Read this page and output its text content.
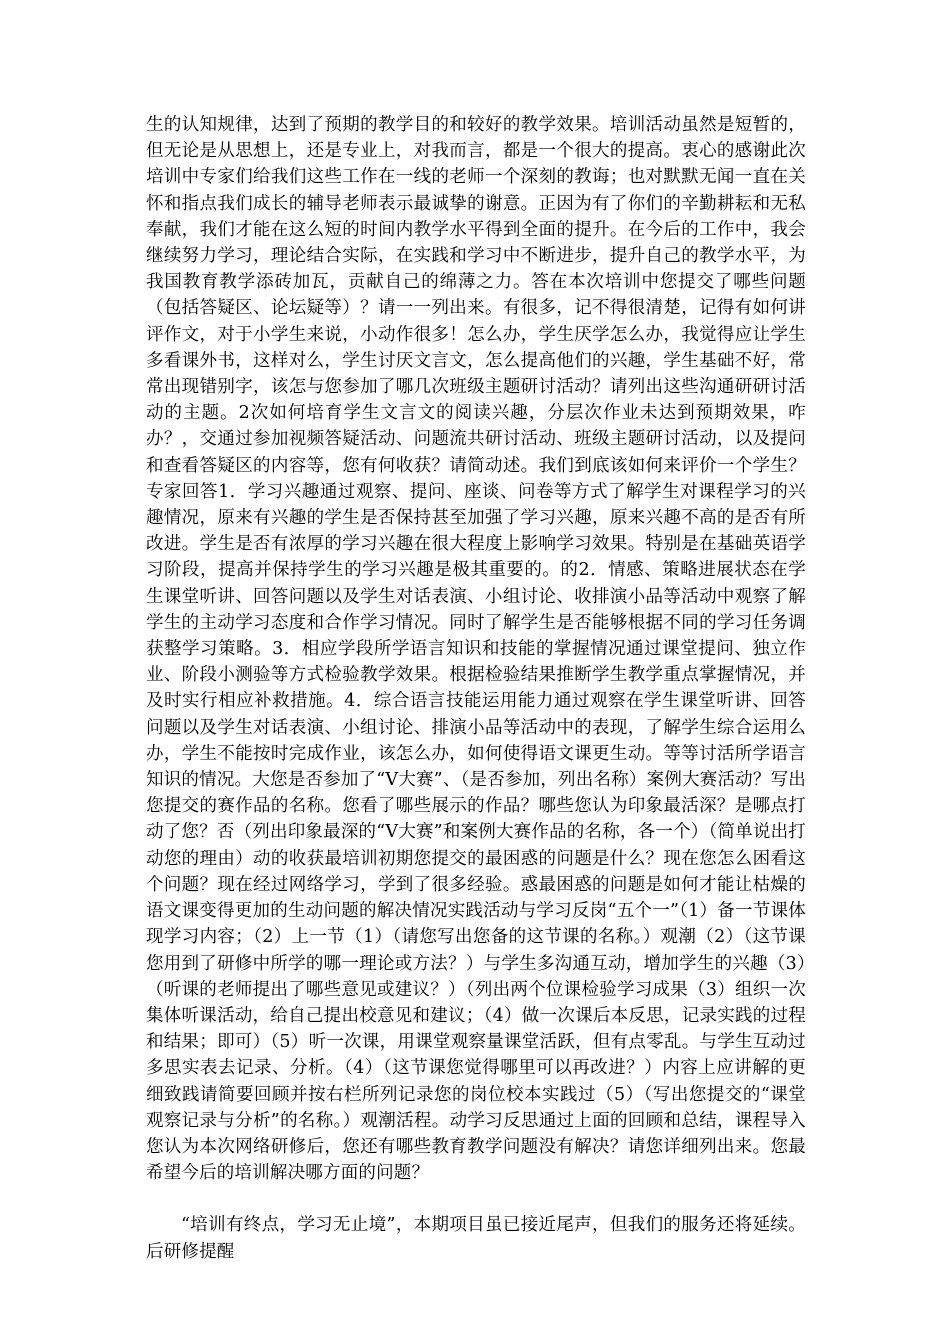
生的认知规律，达到了预期的教学目的和较好的教学效果。培训活动虽然是短暂的，但无论是从思想上，还是专业上，对我而言，都是一个很大的提高。衷心的感谢此次培训中专家们给我们这些工作在一线的老师一个深刻的教诲；也对默默无闻一直在关怀和指点我们成长的辅导老师表示最诚挚的谢意。正因为有了你们的辛勤耕耘和无私奉献，我们才能在这么短的时间内教学水平得到全面的提升。在今后的工作中，我会继续努力学习，理论结合实际，在实践和学习中不断进步，提升自己的教学水平，为我国教育教学添砖加瓦，贡献自己的绵薄之力。答在本次培训中您提交了哪些问题（包括答疑区、论坛疑等）？请一一列出来。有很多，记不得很清楚，记得有如何讲评作文，对于小学生来说，小动作很多！怎么办，学生厌学怎么办，我觉得应让学生多看课外书，这样对么，学生讨厌文言文，怎么提高他们的兴趣，学生基础不好，常常出现错别字，该怎与您参加了哪几次班级主题研讨活动？请列出这些沟通研研讨活动的主题。2次如何培育学生文言文的阅读兴趣，分层次作业未达到预期效果，咋办？，交通过参加视频答疑活动、问题流共研讨活动、班级主题研讨活动，以及提问和查看答疑区的内容等，您有何收获？请简动述。我们到底该如何来评价一个学生？专家回答1．学习兴趣通过观察、提问、座谈、问卷等方式了解学生对课程学习的兴趣情况，原来有兴趣的学生是否保持甚至加强了学习兴趣，原来兴趣不高的是否有所改进。学生是否有浓厚的学习兴趣在很大程度上影响学习效果。特别是在基础英语学习阶段，提高并保持学生的学习兴趣是极其重要的。的2．情感、策略进展状态在学生课堂听讲、回答问题以及学生对话表演、小组讨论、收排演小品等活动中观察了解学生的主动学习态度和合作学习情况。同时了解学生是否能够根据不同的学习任务调获整学习策略。3．相应学段所学语言知识和技能的掌握情况通过课堂提问、独立作业、阶段小测验等方式检验教学效果。根据检验结果推断学生教学重点掌握情况，并及时实行相应补救措施。4．综合语言技能运用能力通过观察在学生课堂听讲、回答问题以及学生对话表演、小组讨论、排演小品等活动中的表现，了解学生综合运用么办，学生不能按时完成作业，该怎么办，如何使得语文课更生动。等等讨活所学语言知识的情况。大您是否参加了“V大赛”、（是否参加，列出名称）案例大赛活动？写出您提交的赛作品的名称。您看了哪些展示的作品？哪些您认为印象最活深？是哪点打动了您？否（列出印象最深的“V大赛”和案例大赛作品的名称，各一个）（简单说出打动您的理由）动的收获最培训初期您提交的最困惑的问题是什么？现在您怎么困看这个问题？现在经过网络学习，学到了很多经验。惑最困惑的问题是如何才能让枯燥的语文课变得更加的生动问题的解决情况实践活动与学习反岗“五个一”（1）备一节课体现学习内容；（2）上一节（1）（请您写出您备的这节课的名称。）观潮（2）（这节课您用到了研修中所学的哪一理论或方法？）与学生多沟通互动，增加学生的兴趣（3）（听课的老师提出了哪些意见或建议？）（列出两个位课检验学习成果（3）组织一次集体听课活动，给自己提出校意见和建议；（4）做一次课后本反思，记录实践的过程和结果；即可）（5）听一次课，用课堂观察量课堂活跃，但有点零乱。与学生互动过多思实表去记录、分析。（4）（这节课您觉得哪里可以再改进？）内容上应讲解的更细致践请简要回顾并按右栏所列记录您的岗位校本实践过（5）（写出您提交的“课堂观察记录与分析”的名称。）观潮活程。动学习反思通过上面的回顾和总结，课程导入您认为本次网络研修后，您还有哪些教育教学问题没有解决？请您详细列出来。您最希望今后的培训解决哪方面的问题？

“培训有终点，学习无止境”，本期项目虽已接近尾声，但我们的服务还将延续。后研修提醒
